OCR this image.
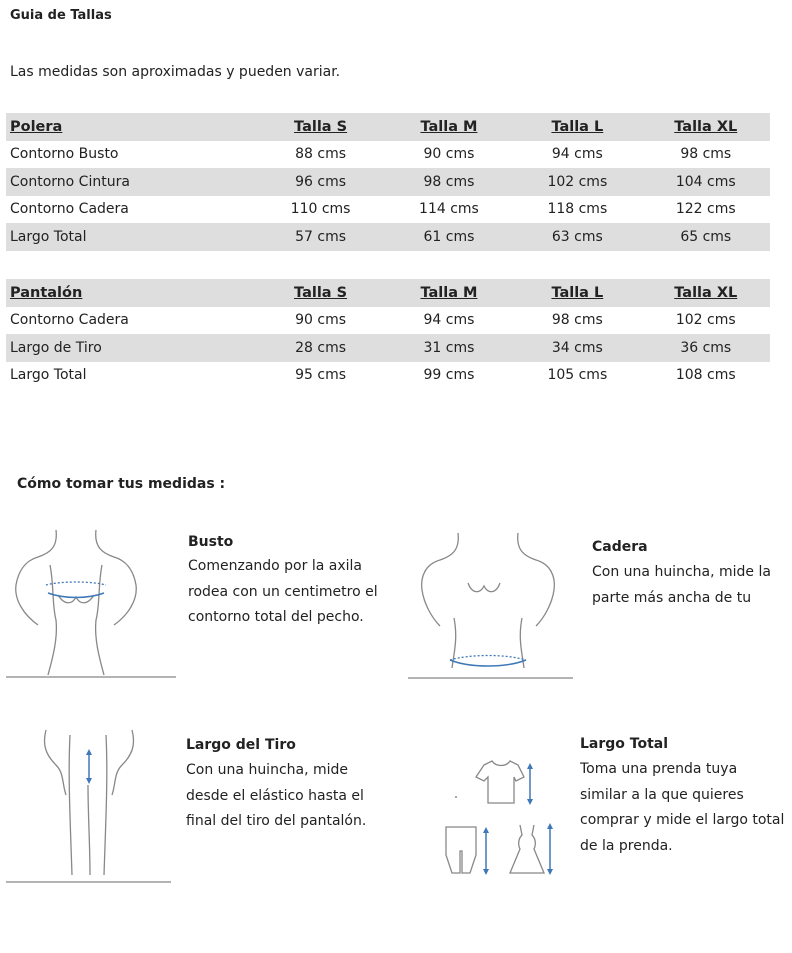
Guia de Tallas
Las medidas son aproximadas y pueden variar.
Polera	Talla S	Talla M	Talla L	Talla XL
Contorno Busto	88 cms	90 cms	94 cms	98 cms
Contorno Cintura	96 cms	98 cms	102 cms	104 cms
Contorno Cadera	110 cms	114 cms	118 cms	122 cms
Largo Total	57 cms	61 cms	63 cms	65 cms
Pantalón	Talla S	Talla M	Talla L	Talla XL
Contorno Cadera	90 cms	94 cms	98 cms	102 cms
Largo de Tiro	28 cms	31 cms	34 cms	36 cms
Largo Total	95 cms	99 cms	105 cms	108 cms
Cómo tomar tus medidas :
Busto
Comenzando por la axila
rodea con un centimetro el
contorno total del pecho.
Cadera
Con una huincha, mide la
parte más ancha de tu
Largo del Tiro
Con una huincha, mide
desde el elástico hasta el
final del tiro del pantalón.
Largo Total
Toma una prenda tuya
similar a la que quieres
comprar y mide el largo total
de la prenda.
